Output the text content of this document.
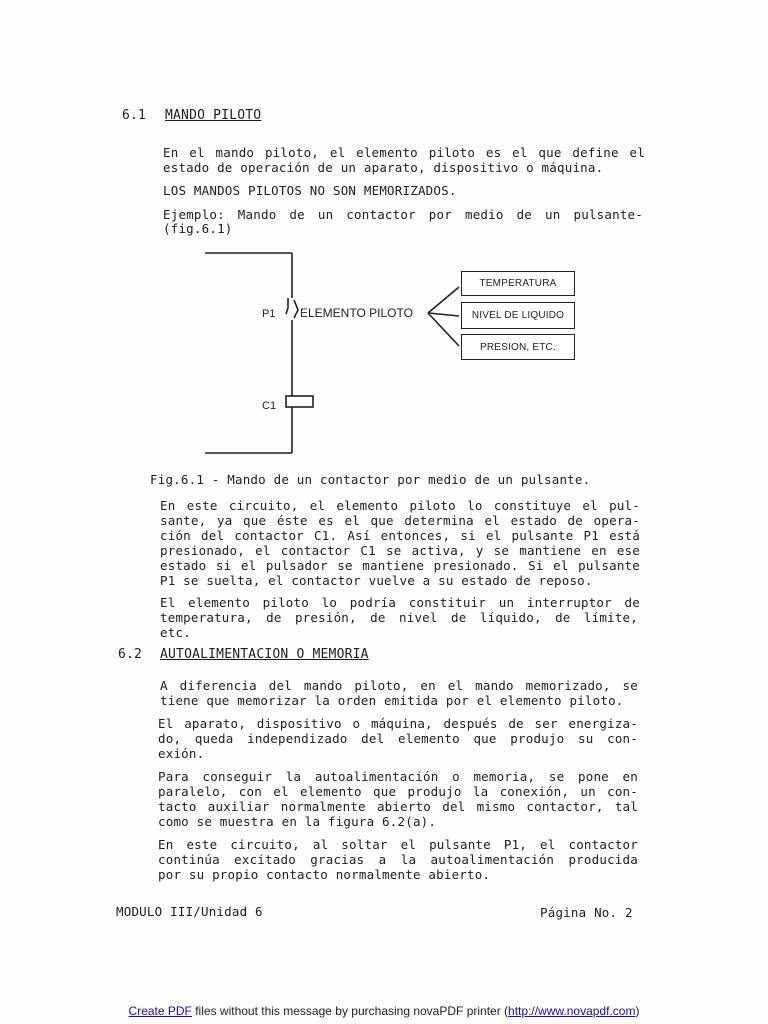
6.1 MANDO PILOTO
En el mando piloto, el elemento piloto es el que define el
estado de operación de un aparato, dispositivo o máquina.
LOS MANDOS PILOTOS NO SON MEMORIZADOS.
Ejemplo: Mando de un contactor por medio de un pulsante-
(fig.6.1)
P1 ELEMENTO PILOTO
C1
TEMPERATURA
NIVEL DE LIQUIDO
PRESION, ETC.
Fig.6.1 - Mando de un contactor por medio de un pulsante.
En este circuito, el elemento piloto lo constituye el pul-
sante, ya que éste es el que determina el estado de opera-
ción del contactor C1. Así entonces, si el pulsante P1 está
presionado, el contactor C1 se activa, y se mantiene en ese
estado si el pulsador se mantiene presionado. Si el pulsante
P1 se suelta, el contactor vuelve a su estado de reposo.
El elemento piloto lo podría constituir un interruptor de
temperatura, de presión, de nivel de líquido, de límite,
etc.
6.2 AUTOALIMENTACION O MEMORIA
A diferencia del mando piloto, en el mando memorizado, se
tiene que memorizar la orden emitida por el elemento piloto.
El aparato, dispositivo o máquina, después de ser energiza-
do, queda independizado del elemento que produjo su con-
exión.
Para conseguir la autoalimentación o memoria, se pone en
paralelo, con el elemento que produjo la conexión, un con-
tacto auxiliar normalmente abierto del mismo contactor, tal
como se muestra en la figura 6.2(a).
En este circuito, al soltar el pulsante P1, el contactor
continúa excitado gracias a la autoalimentación producida
por su propio contacto normalmente abierto.
MODULO III/Unidad 6	Página No. 2
Create PDF files without this message by purchasing novaPDF printer (http://www.novapdf.com)
